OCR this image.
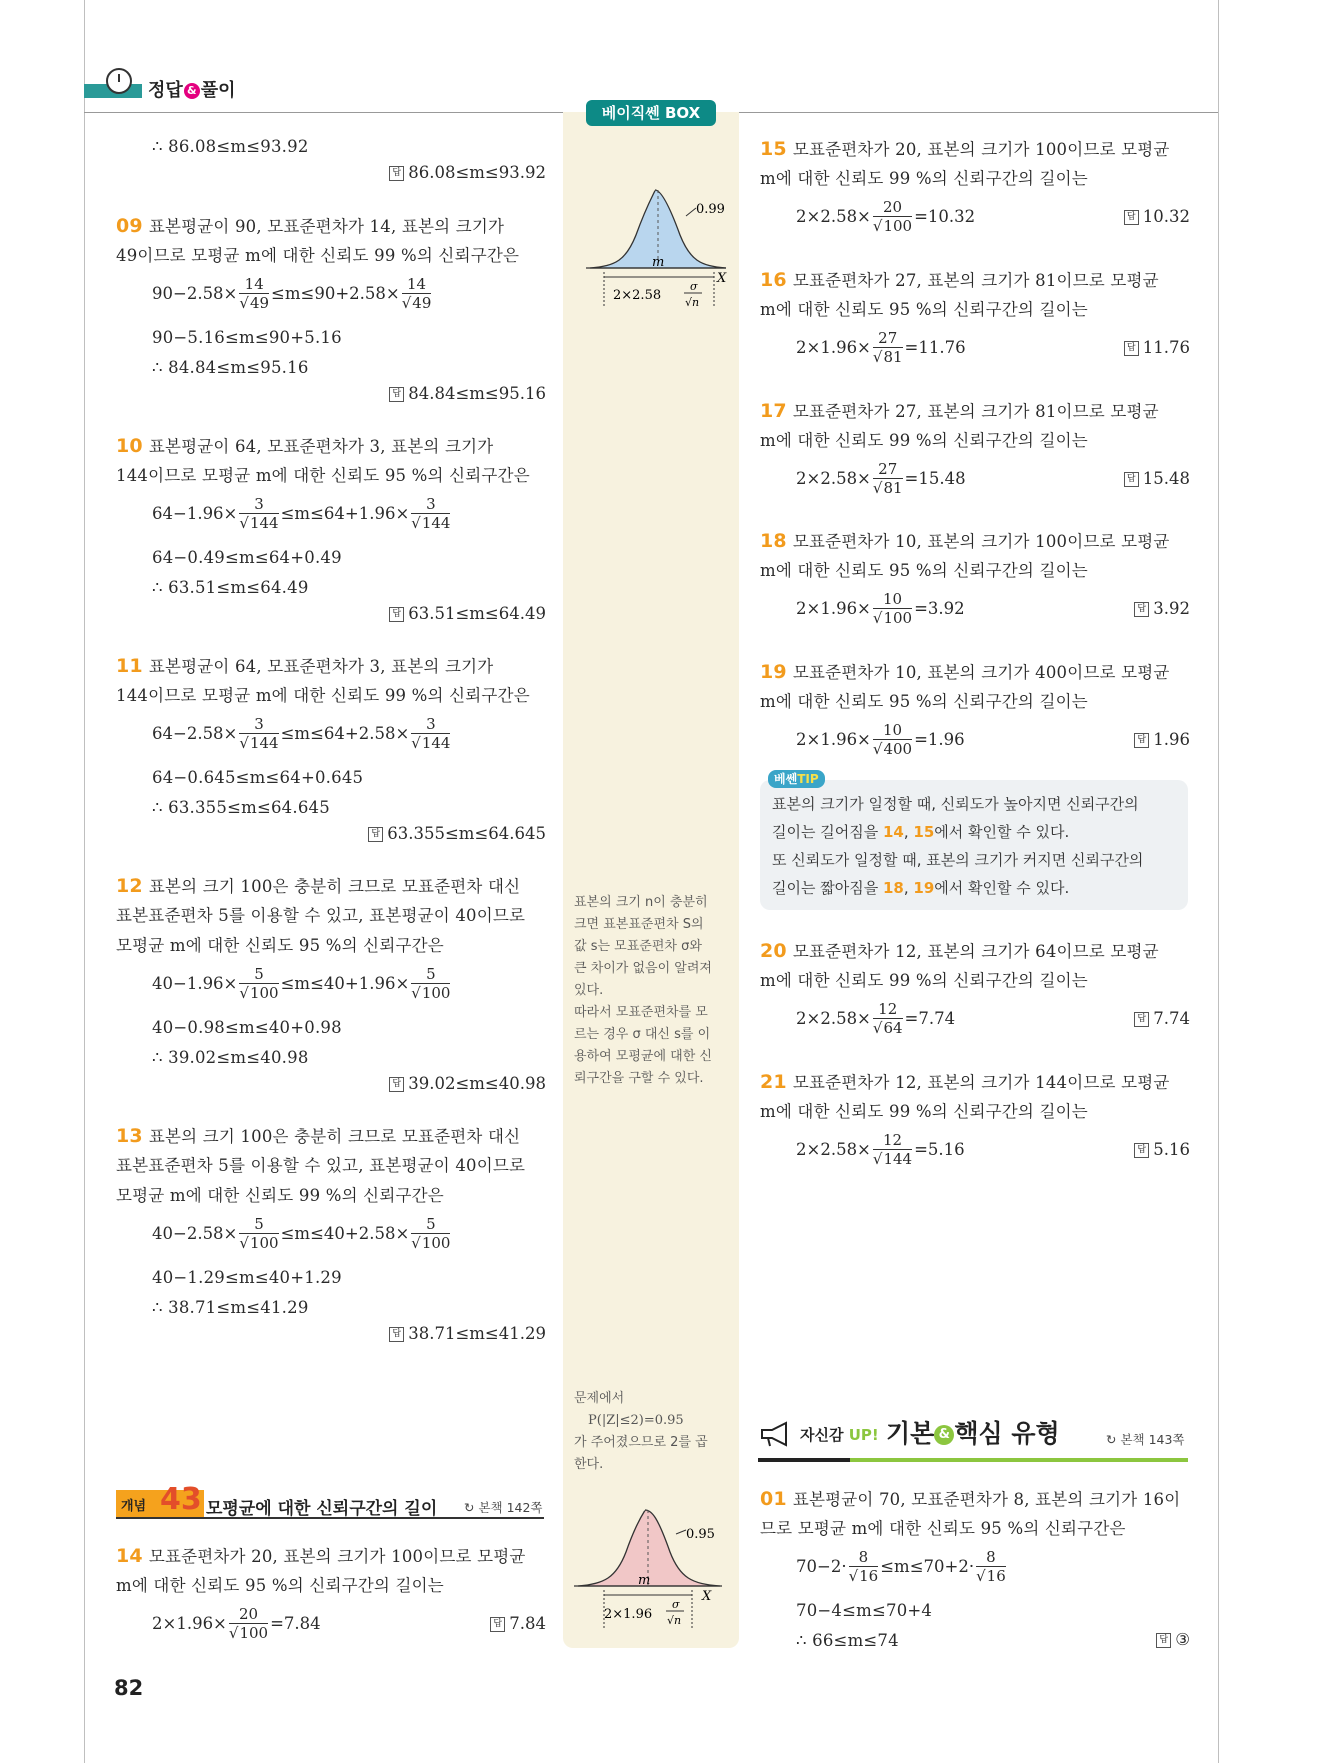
정답 & 풀이
베이직쎈 BOX
∴ 86.08≤m≤93.92
답 86.08≤m≤93.92
09 표본평균이 90, 모표준편차가 14, 표본의 크기가
49이므로 모평균 m에 대한 신뢰도 99 %의 신뢰구간은
$90-2.58\times \frac{14}{√49} \le m\le 90+2.58\times \frac{14}{√49}$
90−5.16≤m≤90+5.16
∴ 84.84≤m≤95.16
답 84.84≤m≤95.16
10 표본평균이 64, 모표준편차가 3, 표본의 크기가
144이므로 모평균 m에 대한 신뢰도 95 %의 신뢰구간은
$64-1.96\times \frac{3}{√144} \le m\le 64+1.96\times \frac{3}{√144}$
64−0.49≤m≤64+0.49
∴ 63.51≤m≤64.49
답 63.51≤m≤64.49
11 표본평균이 64, 모표준편차가 3, 표본의 크기가
144이므로 모평균 m에 대한 신뢰도 99 %의 신뢰구간은
$64-2.58\times \frac{3}{√144} \le m\le 64+2.58\times \frac{3}{√144}$
64−0.645≤m≤64+0.645
∴ 63.355≤m≤64.645
답 63.355≤m≤64.645
12 표본의 크기 100은 충분히 크므로 모표준편차 대신
표본표준편차 5를 이용할 수 있고, 표본평균이 40이므로
모평균 m에 대한 신뢰도 95 %의 신뢰구간은
$40-1.96\times \frac{5}{√100} \le m\le 40+1.96\times \frac{5}{√100}$
40−0.98≤m≤40+0.98
∴ 39.02≤m≤40.98
답 39.02≤m≤40.98
13 표본의 크기 100은 충분히 크므로 모표준편차 대신
표본표준편차 5를 이용할 수 있고, 표본평균이 40이므로
모평균 m에 대한 신뢰도 99 %의 신뢰구간은
$40-2.58\times \frac{5}{√100} \le m\le 40+2.58\times \frac{5}{√100}$
40−1.29≤m≤40+1.29
∴ 38.71≤m≤41.29
답 38.71≤m≤41.29
개념 43 모평균에 대한 신뢰구간의 길이 ↻ 본책 142쪽
14 모표준편차가 20, 표본의 크기가 100이므로 모평균
m에 대한 신뢰도 95 %의 신뢰구간의 길이는
$2\times 1.96\times \frac{20}{√100} =7.84$	답 7.84
0.99
m
X
2×2.58
σ
√n
표본의 크기 n이 충분히
크면 표본표준편차 S의
값 s는 모표준편차 σ와
큰 차이가 없음이 알려져
있다.
따라서 모표준편차를 모
르는 경우 σ 대신 s를 이
용하여 모평균에 대한 신
뢰구간을 구할 수 있다.
문제에서
P(|Z|≤2)=0.95
가 주어졌으므로 2를 곱
한다.
0.95
m
X
2×1.96
σ
√n
15 모표준편차가 20, 표본의 크기가 100이므로 모평균
m에 대한 신뢰도 99 %의 신뢰구간의 길이는
$2\times 2.58\times \frac{20}{√100} =10.32$	답 10.32
16 모표준편차가 27, 표본의 크기가 81이므로 모평균
m에 대한 신뢰도 95 %의 신뢰구간의 길이는
$2\times 1.96\times \frac{27}{√81} =11.76$	답 11.76
17 모표준편차가 27, 표본의 크기가 81이므로 모평균
m에 대한 신뢰도 99 %의 신뢰구간의 길이는
$2\times 2.58\times \frac{27}{√81} =15.48$	답 15.48
18 모표준편차가 10, 표본의 크기가 100이므로 모평균
m에 대한 신뢰도 95 %의 신뢰구간의 길이는
$2\times 1.96\times \frac{10}{√100} =3.92$	답 3.92
19 모표준편차가 10, 표본의 크기가 400이므로 모평균
m에 대한 신뢰도 95 %의 신뢰구간의 길이는
$2\times 1.96\times \frac{10}{√400} =1.96$	답 1.96
베쎈TIP
표본의 크기가 일정할 때, 신뢰도가 높아지면 신뢰구간의
길이는 길어짐을 14, 15에서 확인할 수 있다.
또 신뢰도가 일정할 때, 표본의 크기가 커지면 신뢰구간의
길이는 짧아짐을 18, 19에서 확인할 수 있다.
20 모표준편차가 12, 표본의 크기가 64이므로 모평균
m에 대한 신뢰도 99 %의 신뢰구간의 길이는
$2\times 2.58\times \frac{12}{√64} =7.74$	답 7.74
21 모표준편차가 12, 표본의 크기가 144이므로 모평균
m에 대한 신뢰도 99 %의 신뢰구간의 길이는
$2\times 2.58\times \frac{12}{√144} =5.16$	답 5.16
자신감 UP! 기본 & 핵심 유형	↻ 본책 143쪽
01 표본평균이 70, 모표준편차가 8, 표본의 크기가 16이
므로 모평균 m에 대한 신뢰도 95 %의 신뢰구간은
$70-2\cdot \frac{8}{√16} \le m\le 70+2\cdot \frac{8}{√16}$
70−4≤m≤70+4
∴ 66≤m≤74	답 ③
82
